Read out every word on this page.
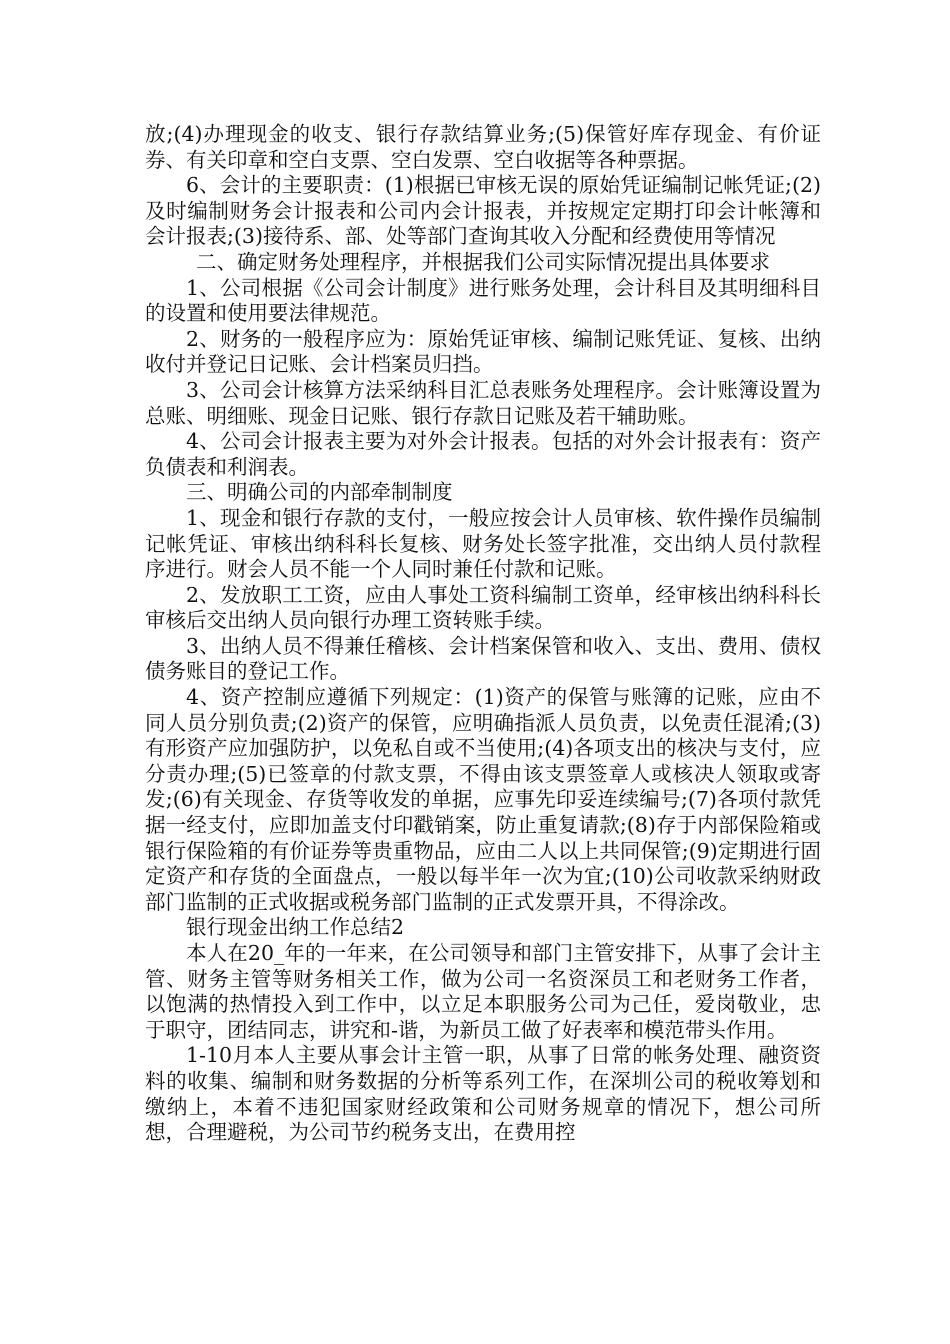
放;(4)办理现金的收支、银行存款结算业务;(5)保管好库存现金、有价证券、有关印章和空白支票、空白发票、空白收据等各种票据。

6、会计的主要职责：(1)根据已审核无误的原始凭证编制记帐凭证;(2)及时编制财务会计报表和公司内会计报表，并按规定定期打印会计帐簿和会计报表;(3)接待系、部、处等部门查询其收入分配和经费使用等情况

二、确定财务处理程序，并根据我们公司实际情况提出具体要求

1、公司根据《公司会计制度》进行账务处理，会计科目及其明细科目的设置和使用要法律规范。

2、财务的一般程序应为：原始凭证审核、编制记账凭证、复核、出纳收付并登记日记账、会计档案员归挡。

3、公司会计核算方法采纳科目汇总表账务处理程序。会计账簿设置为总账、明细账、现金日记账、银行存款日记账及若干辅助账。

4、公司会计报表主要为对外会计报表。包括的对外会计报表有：资产负债表和利润表。

三、明确公司的内部牵制制度

1、现金和银行存款的支付，一般应按会计人员审核、软件操作员编制记帐凭证、审核出纳科科长复核、财务处长签字批准，交出纳人员付款程序进行。财会人员不能一个人同时兼任付款和记账。

2、发放职工工资，应由人事处工资科编制工资单，经审核出纳科科长审核后交出纳人员向银行办理工资转账手续。

3、出纳人员不得兼任稽核、会计档案保管和收入、支出、费用、债权债务账目的登记工作。

4、资产控制应遵循下列规定：(1)资产的保管与账簿的记账，应由不同人员分别负责;(2)资产的保管，应明确指派人员负责，以免责任混淆;(3)有形资产应加强防护，以免私自或不当使用;(4)各项支出的核决与支付，应分责办理;(5)已签章的付款支票，不得由该支票签章人或核决人领取或寄发;(6)有关现金、存货等收发的单据，应事先印妥连续编号;(7)各项付款凭据一经支付，应即加盖支付印戳销案，防止重复请款;(8)存于内部保险箱或银行保险箱的有价证券等贵重物品，应由二人以上共同保管;(9)定期进行固定资产和存货的全面盘点，一般以每半年一次为宜;(10)公司收款采纳财政部门监制的正式收据或税务部门监制的正式发票开具，不得涂改。

银行现金出纳工作总结2

本人在20_年的一年来，在公司领导和部门主管安排下，从事了会计主管、财务主管等财务相关工作，做为公司一名资深员工和老财务工作者，以饱满的热情投入到工作中，以立足本职服务公司为己任，爱岗敬业，忠于职守，团结同志，讲究和-谐，为新员工做了好表率和模范带头作用。

1-10月本人主要从事会计主管一职，从事了日常的帐务处理、融资资料的收集、编制和财务数据的分析等系列工作，在深圳公司的税收筹划和缴纳上，本着不违犯国家财经政策和公司财务规章的情况下，想公司所想，合理避税，为公司节约税务支出，在费用控
